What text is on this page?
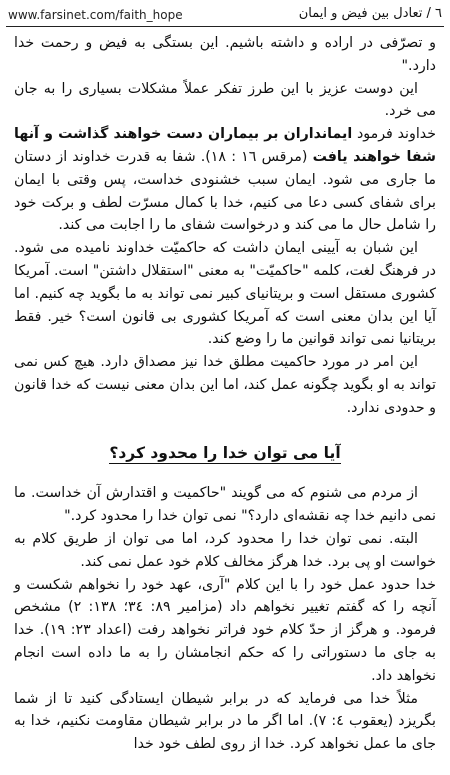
www.farsinet.com/faith_hope	٦ / تعادل بین فیض و ایمان

و تصرّفی در اراده و داشته باشیم. این بستگی به فیض و رحمت خدا دارد."

این دوست عزیز با این طرز تفکر عملاً مشکلات بسیاری را به جان می خرد.

خداوند فرمود ایمانداران بر بیماران دست خواهند گذاشت و آنها شفا خواهند یافت (مرقس ١٦ : ١٨). شفا به قدرت خداوند از دستان ما جاری می شود. ایمان سبب خشنودی خداست، پس وقتی با ایمان برای شفای کسی دعا می کنیم، خدا با کمال مسرّت لطف و برکت خود را شامل حال ما می کند و درخواست شفای ما را اجابت می کند.

این شبان به آیینی ایمان داشت که حاکمیّت خداوند نامیده می شود. در فرهنگ لغت، کلمه "حاکمیّت" به معنی "استقلال داشتن" است. آمریکا کشوری مستقل است و بریتانیای کبیر نمی تواند به ما بگوید چه کنیم. اما آیا این بدان معنی است که آمریکا کشوری بی قانون است؟ خیر. فقط بریتانیا نمی تواند قوانین ما را وضع کند.

این امر در مورد حاکمیت مطلق خدا نیز مصداق دارد. هیچ کس نمی تواند به او بگوید چگونه عمل کند، اما این بدان معنی نیست که خدا قانون و حدودی ندارد.

آیا می توان خدا را محدود کرد؟

از مردم می شنوم که می گویند "حاکمیت و اقتدارش آن خداست. ما نمی دانیم خدا چه نقشه‌ای دارد؟" نمی توان خدا را محدود کرد."

البته. نمی توان خدا را محدود کرد، اما می توان از طریق کلام به خواست او پی برد. خدا هرگز مخالف کلام خود عمل نمی کند.

خدا حدود عمل خود را با این کلام "آری، عهد خود را نخواهم شکست و آنچه را که گفتم تغییر نخواهم داد (مزامیر ٨٩: ٣٤؛ ١٣٨: ٢) مشخص فرمود. و هرگز از حدّ کلام خود فراتر نخواهد رفت (اعداد ٢٣: ١٩). خدا به جای ما دستوراتی را که حکم انجامشان را به ما داده است انجام نخواهد داد.

مثلاً خدا می فرماید که در برابر شیطان ایستادگی کنید تا از شما بگریزد (یعقوب ٤: ٧). اما اگر ما در برابر شیطان مقاومت نکنیم، خدا به جای ما عمل نخواهد کرد. خدا از روی لطف خود خدا
